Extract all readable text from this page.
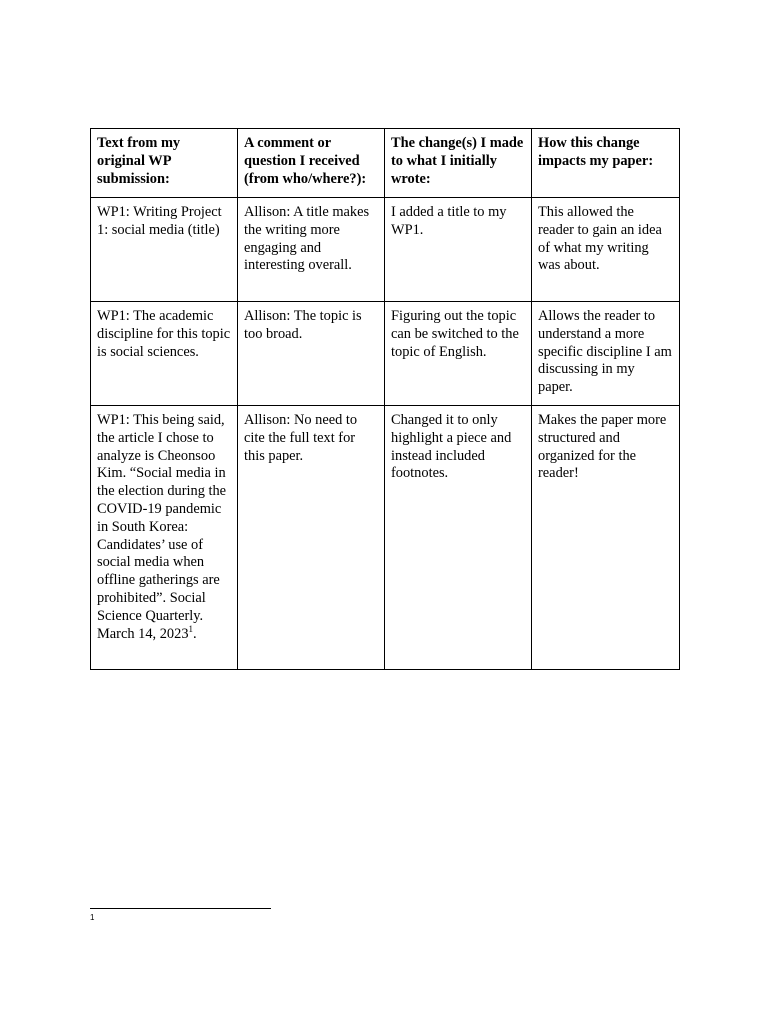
Text from my original WP submission:	A comment or question I received (from who/where?):	The change(s) I made to what I initially wrote:	How this change impacts my paper:
WP1: Writing Project 1: social media (title)	Allison: A title makes the writing more engaging and interesting overall.	I added a title to my WP1.	This allowed the reader to gain an idea of what my writing was about.
WP1: The academic discipline for this topic is social sciences.	Allison: The topic is too broad.	Figuring out the topic can be switched to the topic of English.	Allows the reader to understand a more specific discipline I am discussing in my paper.
WP1: This being said, the article I chose to analyze is Cheonsoo Kim. “Social media in the election during the COVID-19 pandemic in South Korea: Candidates’ use of social media when offline gatherings are prohibited”. Social Science Quarterly. March 14, 2023$^1$.	Allison: No need to cite the full text for this paper.	Changed it to only highlight a piece and instead included footnotes.	Makes the paper more structured and organized for the reader!
1
